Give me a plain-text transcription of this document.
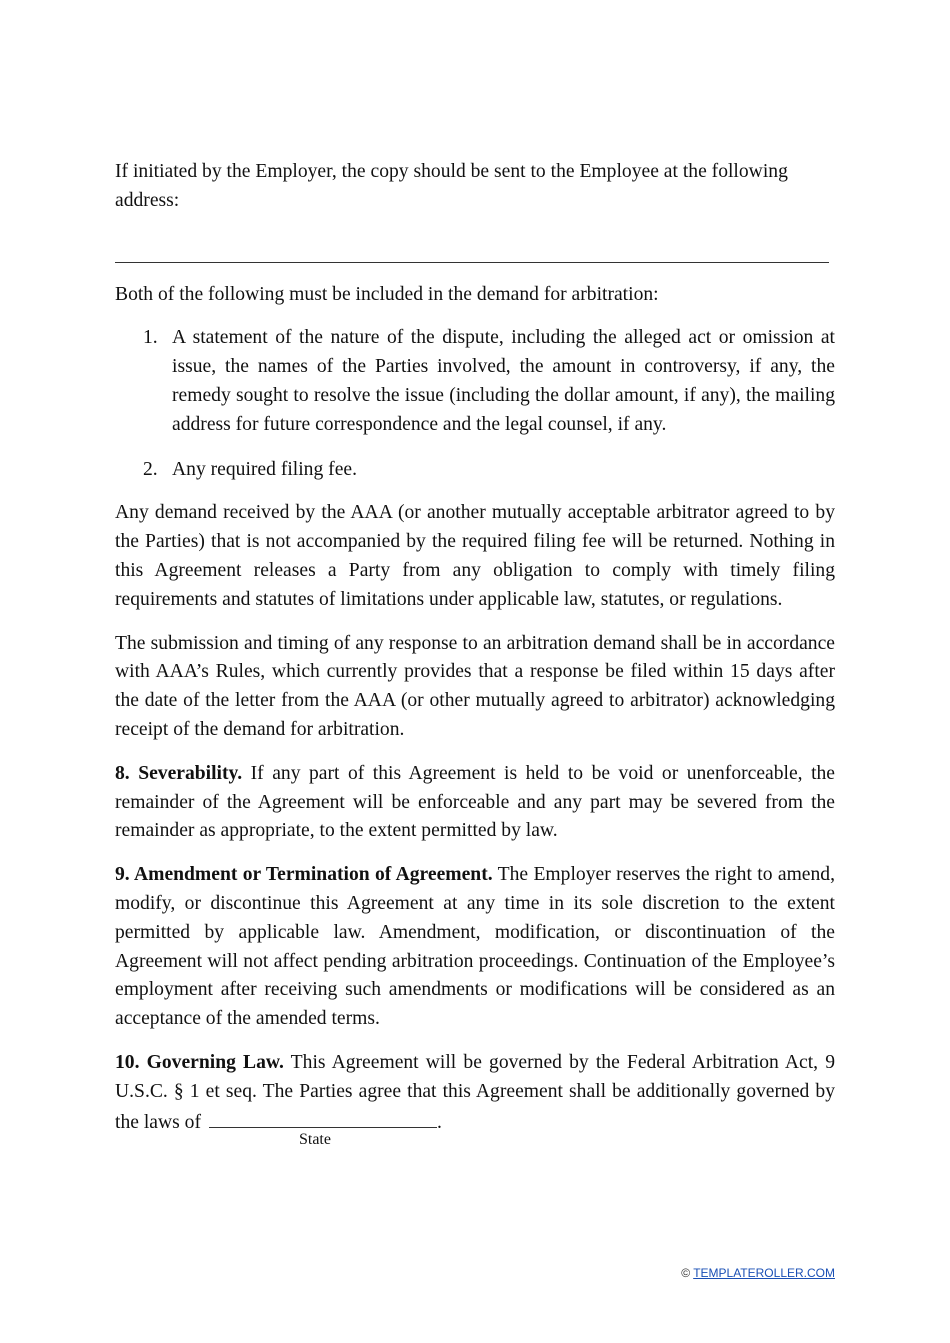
If initiated by the Employer, the copy should be sent to the Employee at the following address:

Both of the following must be included in the demand for arbitration:

1. A statement of the nature of the dispute, including the alleged act or omission at issue, the names of the Parties involved, the amount in controversy, if any, the remedy sought to resolve the issue (including the dollar amount, if any), the mailing address for future correspondence and the legal counsel, if any.
2. Any required filing fee.

Any demand received by the AAA (or another mutually acceptable arbitrator agreed to by the Parties) that is not accompanied by the required filing fee will be returned. Nothing in this Agreement releases a Party from any obligation to comply with timely filing requirements and statutes of limitations under applicable law, statutes, or regulations.

The submission and timing of any response to an arbitration demand shall be in accordance with AAA’s Rules, which currently provides that a response be filed within 15 days after the date of the letter from the AAA (or other mutually agreed to arbitrator) acknowledging receipt of the demand for arbitration.

8. Severability. If any part of this Agreement is held to be void or unenforceable, the remainder of the Agreement will be enforceable and any part may be severed from the remainder as appropriate, to the extent permitted by law.

9. Amendment or Termination of Agreement. The Employer reserves the right to amend, modify, or discontinue this Agreement at any time in its sole discretion to the extent permitted by applicable law. Amendment, modification, or discontinuation of the Agreement will not affect pending arbitration proceedings. Continuation of the Employee’s employment after receiving such amendments or modifications will be considered as an acceptance of the amended terms.

10. Governing Law. This Agreement will be governed by the Federal Arbitration Act, 9 U.S.C. § 1 et seq. The Parties agree that this Agreement shall be additionally governed by the laws of
State
.

© TEMPLATEROLLER.COM
